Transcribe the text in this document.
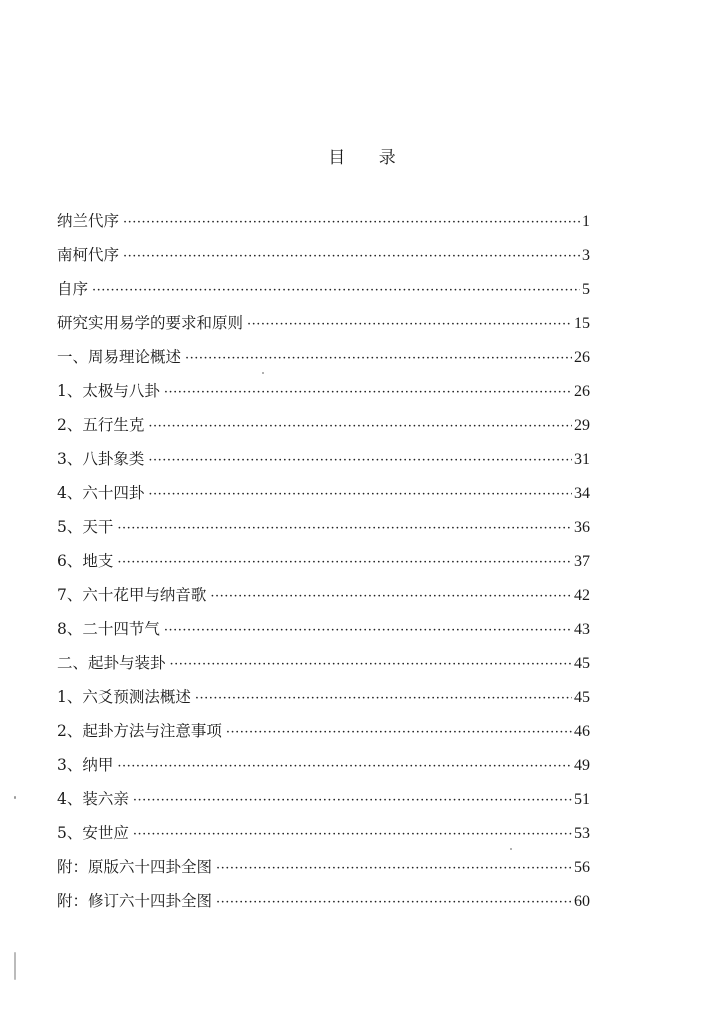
目 录
纳兰代序 ·····	1
南柯代序 ·····	3
自序 ·····	5
研究实用易学的要求和原则 ·····	15
一、周易理论概述 ·····	26
1、太极与八卦 ·····	26
2、五行生克 ·····	29
3、八卦象类 ·····	31
4、六十四卦 ·····	34
5、天干 ·····	36
6、地支 ·····	37
7、六十花甲与纳音歌 ·····	42
8、二十四节气 ·····	43
二、起卦与装卦 ·····	45
1、六爻预测法概述 ·····	45
2、起卦方法与注意事项 ·····	46
3、纳甲 ·····	49
4、装六亲 ·····	51
5、安世应 ·····	53
附：原版六十四卦全图 ·····	56
附：修订六十四卦全图 ·····	60
